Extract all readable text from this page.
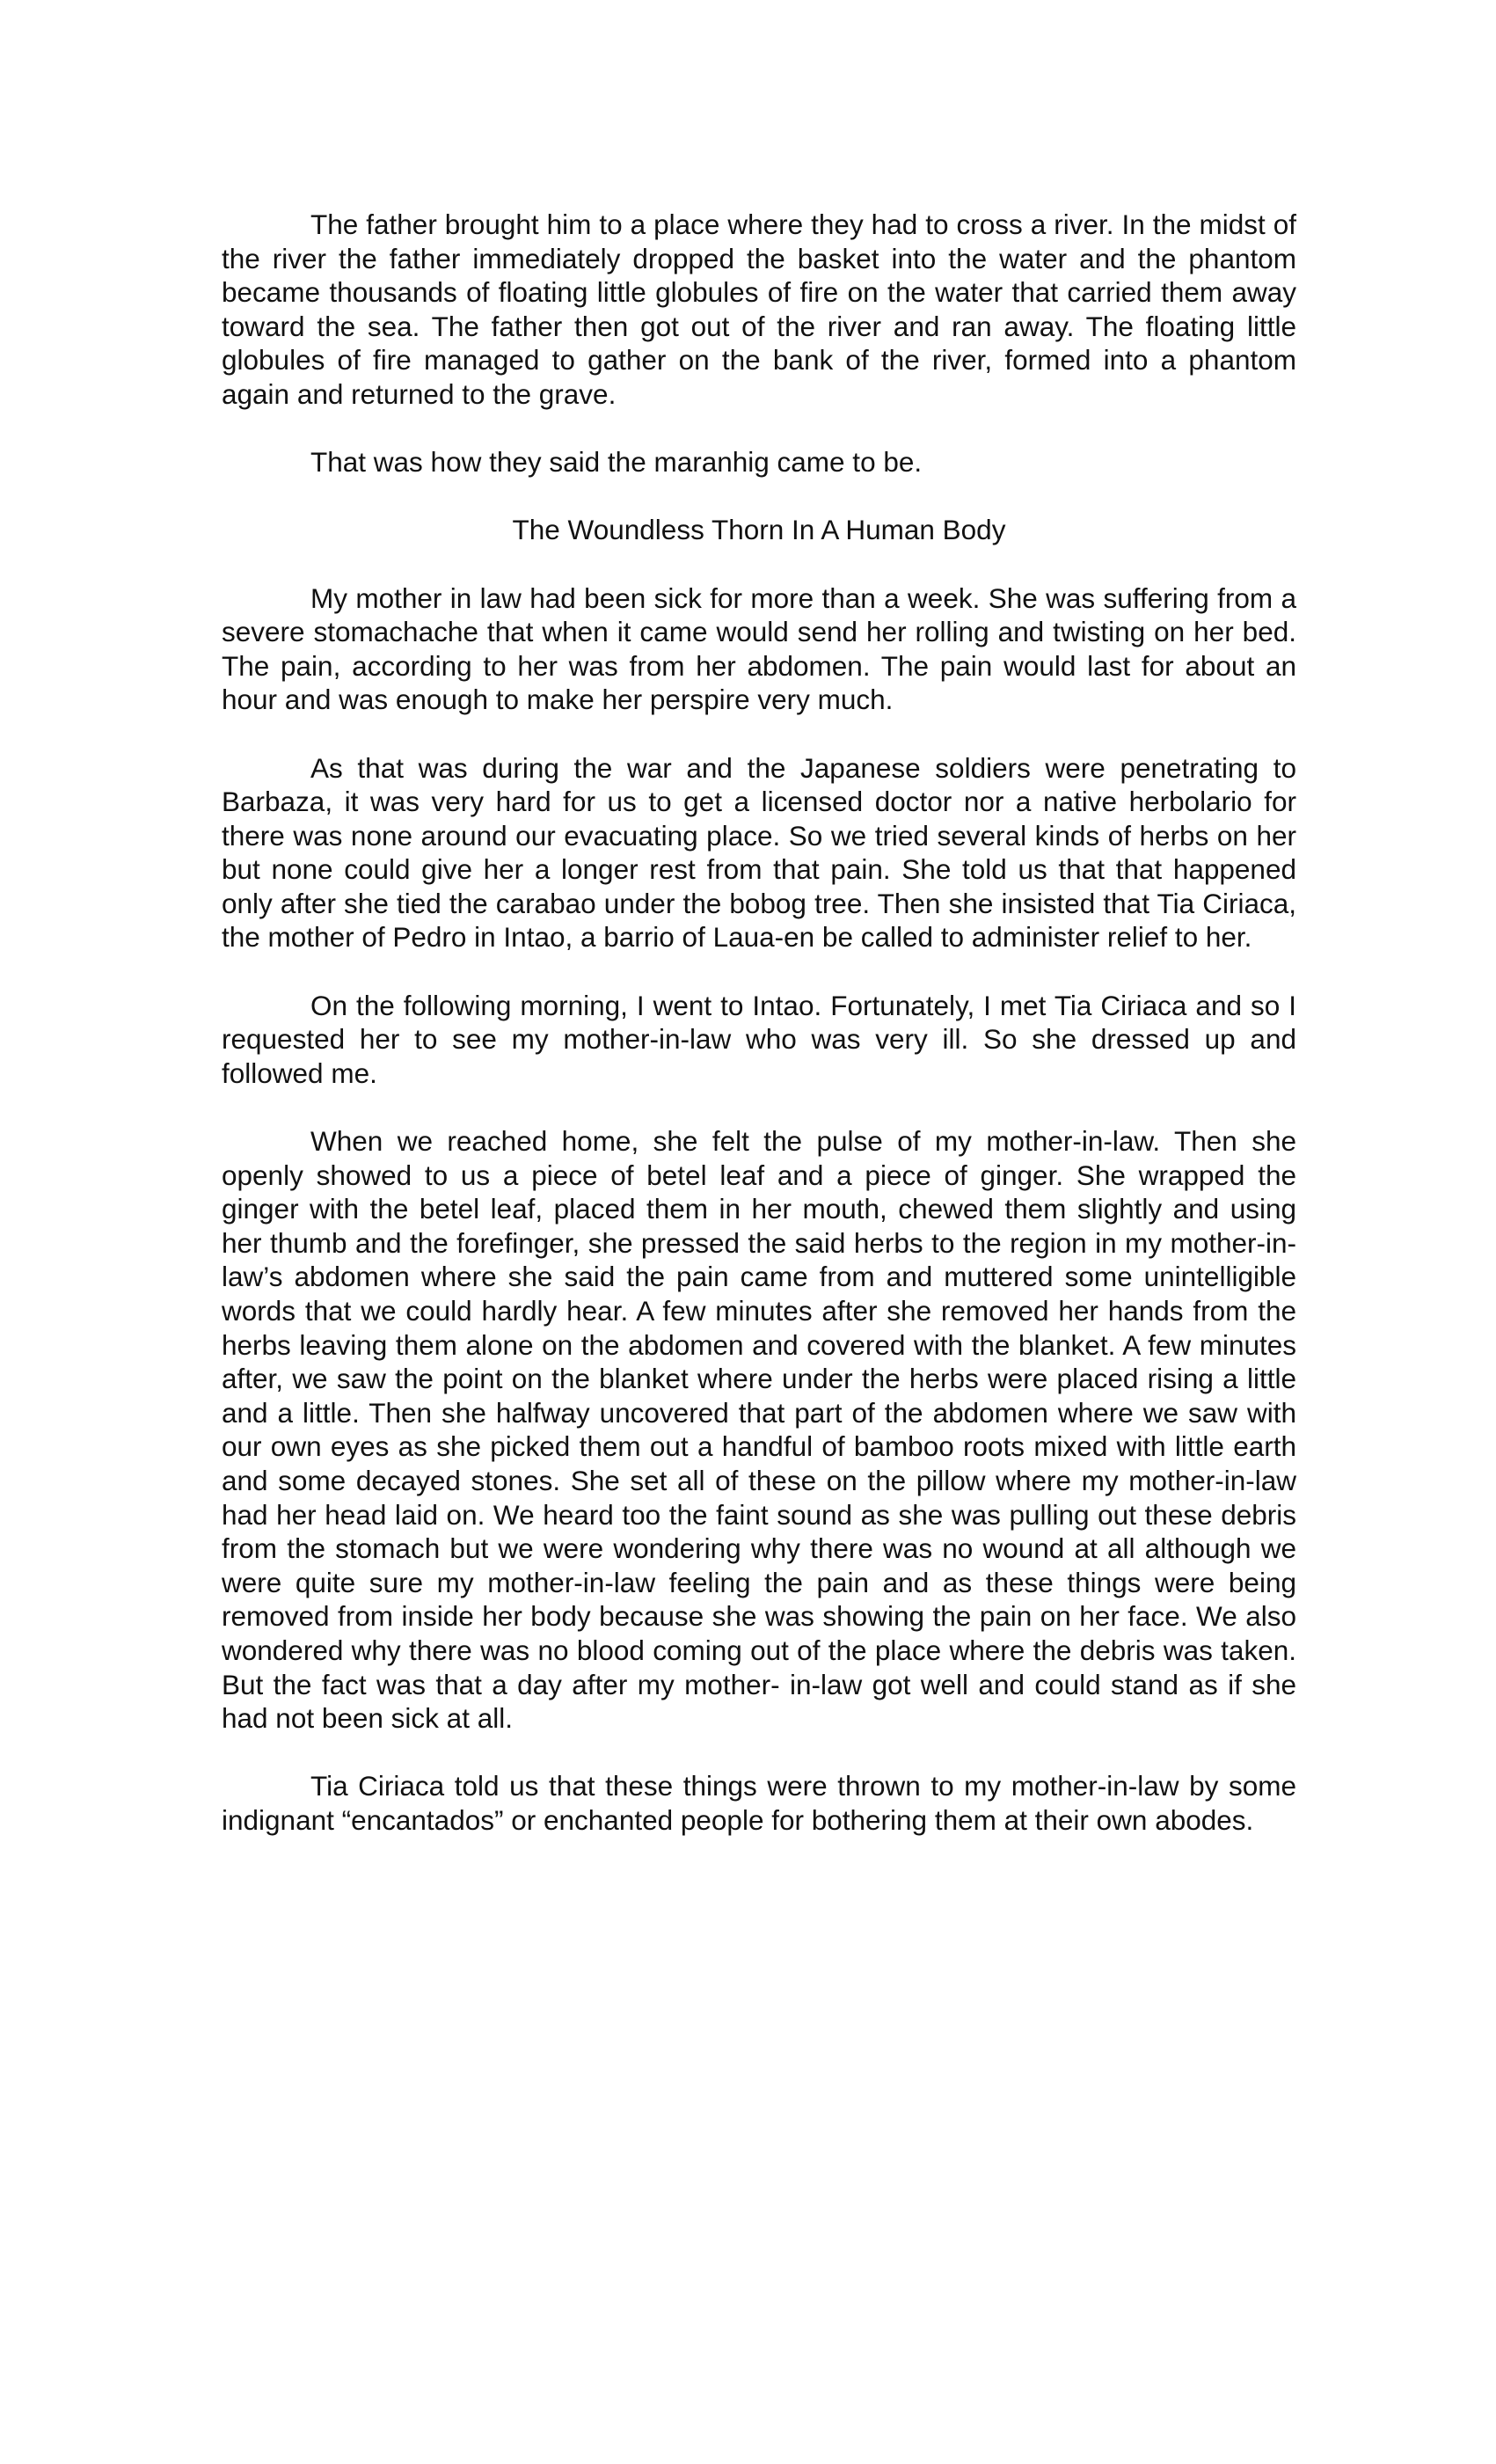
The father brought him to a place where they had to cross a river. In the midst of the river the father immediately dropped the basket into the water and the phantom became thousands of floating little globules of fire on the water that carried them away toward the sea. The father then got out of the river and ran away. The floating little globules of fire managed to gather on the bank of the river, formed into a phantom again and returned to the grave.

That was how they said the maranhig came to be.

The Woundless Thorn In A Human Body

My mother in law had been sick for more than a week. She was suffering from a severe stomachache that when it came would send her rolling and twisting on her bed. The pain, according to her was from her abdomen. The pain would last for about an hour and was enough to make her perspire very much.

As that was during the war and the Japanese soldiers were penetrating to Barbaza, it was very hard for us to get a licensed doctor nor a native herbolario for there was none around our evacuating place. So we tried several kinds of herbs on her but none could give her a longer rest from that pain. She told us that that happened only after she tied the carabao under the bobog tree. Then she insisted that Tia Ciriaca, the mother of Pedro in Intao, a barrio of Laua-en be called to administer relief to her.

On the following morning, I went to Intao. Fortunately, I met Tia Ciriaca and so I requested her to see my mother-in-law who was very ill. So she dressed up and followed me.

When we reached home, she felt the pulse of my mother-in-law. Then she openly showed to us a piece of betel leaf and a piece of ginger. She wrapped the ginger with the betel leaf, placed them in her mouth, chewed them slightly and using her thumb and the forefinger, she pressed the said herbs to the region in my mother-in-law’s abdomen where she said the pain came from and muttered some unintelligible words that we could hardly hear. A few minutes after she removed her hands from the herbs leaving them alone on the abdomen and covered with the blanket. A few minutes after, we saw the point on the blanket where under the herbs were placed rising a little and a little. Then she halfway uncovered that part of the abdomen where we saw with our own eyes as she picked them out a handful of bamboo roots mixed with little earth and some decayed stones. She set all of these on the pillow where my mother-in-law had her head laid on. We heard too the faint sound as she was pulling out these debris from the stomach but we were wondering why there was no wound at all although we were quite sure my mother-in-law feeling the pain and as these things were being removed from inside her body because she was showing the pain on her face. We also wondered why there was no blood coming out of the place where the debris was taken. But the fact was that a day after my mother- in-law got well and could stand as if she had not been sick at all.

Tia Ciriaca told us that these things were thrown to my mother-in-law by some indignant “encantados” or enchanted people for bothering them at their own abodes.
